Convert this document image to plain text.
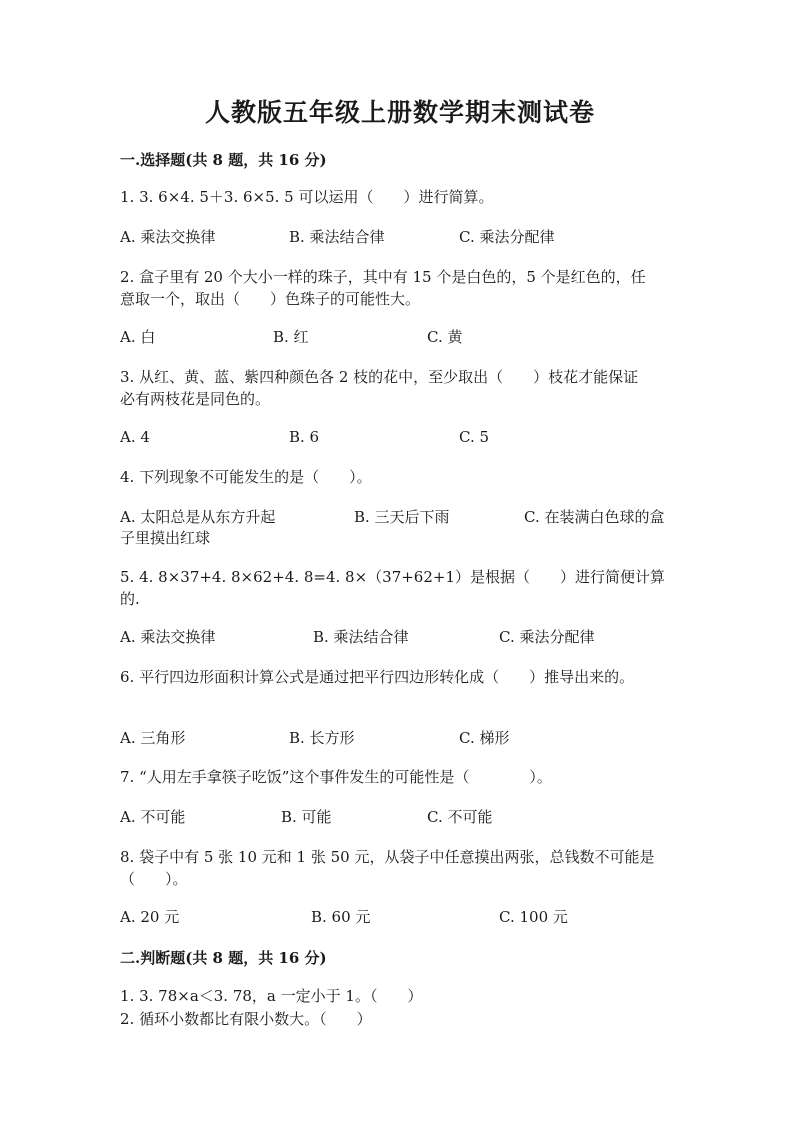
人教版五年级上册数学期末测试卷
一.选择题(共 8 题，共 16 分)
1. 3. 6×4. 5＋3. 6×5. 5 可以运用（　　）进行简算。
A. 乘法交换律	B. 乘法结合律	C. 乘法分配律
2. 盒子里有 20 个大小一样的珠子，其中有 15 个是白色的，5 个是红色的，任
意取一个，取出（　　）色珠子的可能性大。
A. 白	B. 红	C. 黄
3. 从红、黄、蓝、紫四种颜色各 2 枝的花中，至少取出（　　）枝花才能保证
必有两枝花是同色的。
A. 4	B. 6	C. 5
4. 下列现象不可能发生的是（　　）。
A. 太阳总是从东方升起	B. 三天后下雨	C. 在装满白色球的盒
子里摸出红球
5. 4. 8×37+4. 8×62+4. 8=4. 8×（37+62+1）是根据（　　）进行简便计算
的.
A. 乘法交换律	B. 乘法结合律	C. 乘法分配律
6. 平行四边形面积计算公式是通过把平行四边形转化成（　　）推导出来的。
A. 三角形	B. 长方形	C. 梯形
7. “人用左手拿筷子吃饭”这个事件发生的可能性是（　　　　）。
A. 不可能	B. 可能	C. 不可能
8. 袋子中有 5 张 10 元和 1 张 50 元，从袋子中任意摸出两张，总钱数不可能是
（　　）。
A. 20 元	B. 60 元	C. 100 元
二.判断题(共 8 题，共 16 分)
1. 3. 78×a＜3. 78，a 一定小于 1。（　　）
2. 循环小数都比有限小数大。（　　）
